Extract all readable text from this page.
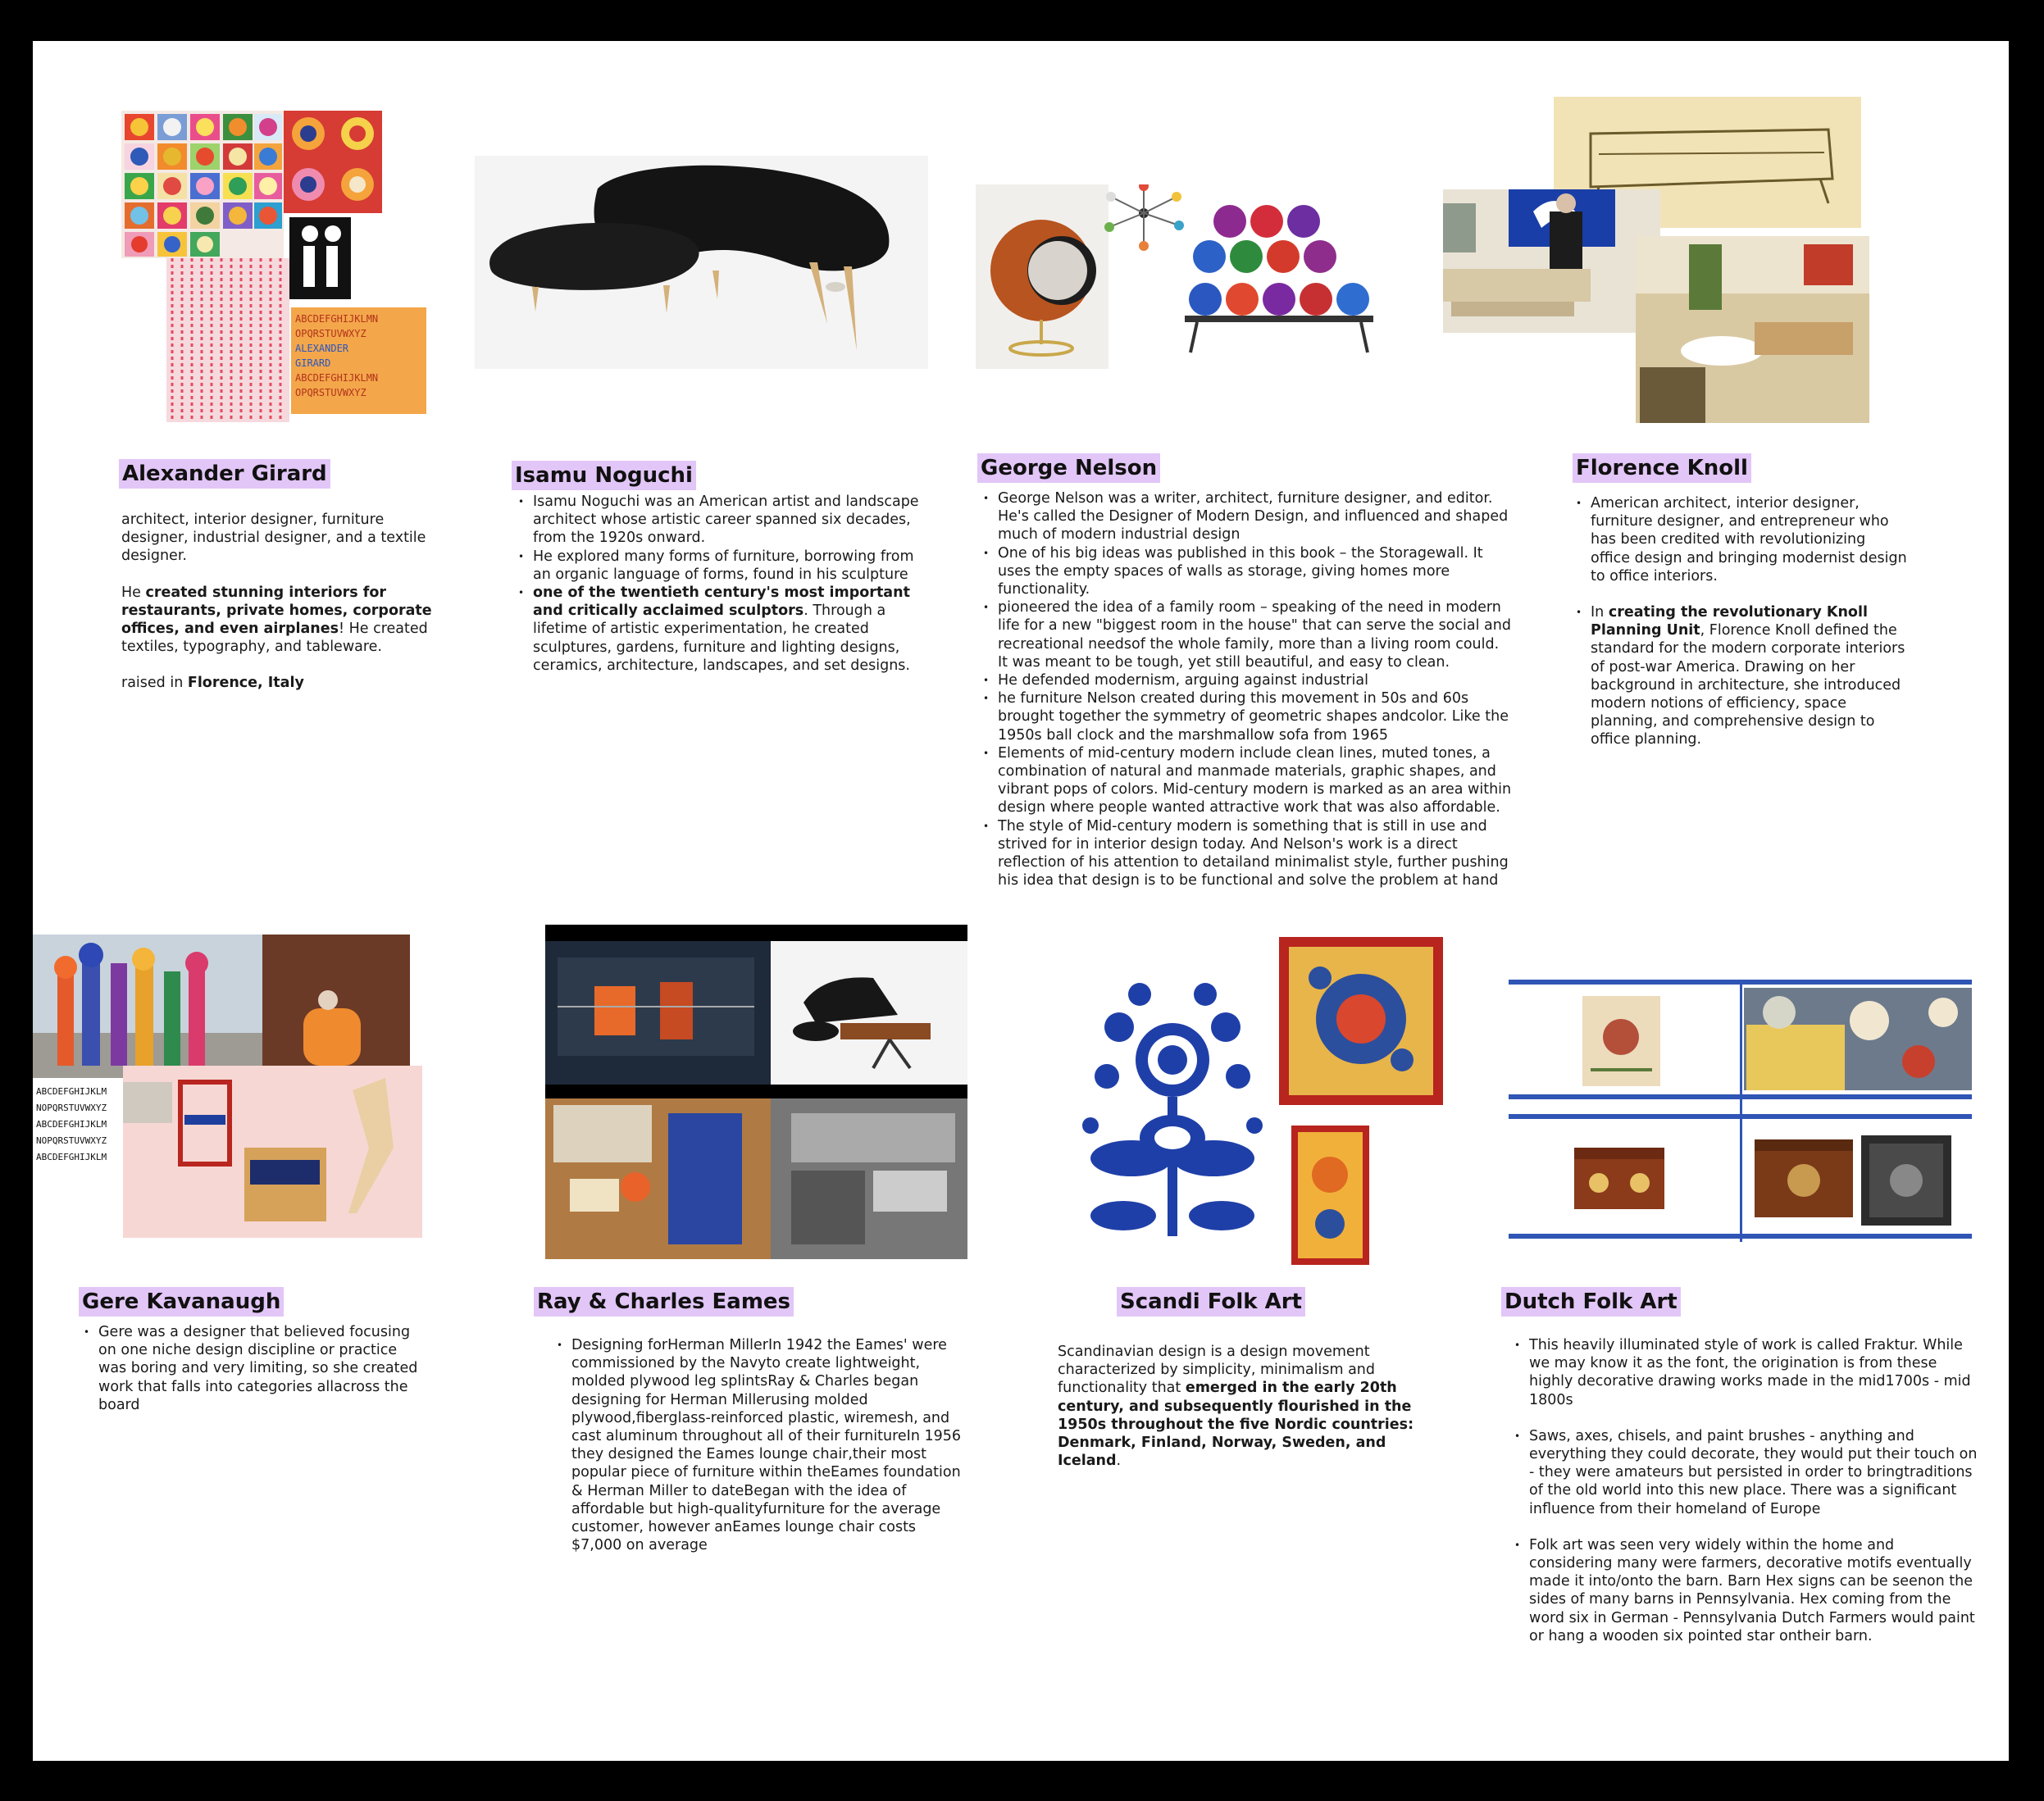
ABCDEFGHIJKLMN
OPQRSTUVWXYZ
ALEXANDER
GIRARD
ABCDEFGHIJKLMN
OPQRSTUVWXYZ
Alexander Girard

architect, interior designer, furniture designer, industrial designer, and a textile designer.

He created stunning interiors for restaurants, private homes, corporate offices, and even airplanes! He created textiles, typography, and tableware.

raised in Florence, Italy

Isamu Noguchi
• Isamu Noguchi was an American artist and landscape architect whose artistic career spanned six decades, from the 1920s onward.
• He explored many forms of furniture, borrowing from an organic language of forms, found in his sculpture
• one of the twentieth century's most important and critically acclaimed sculptors. Through a lifetime of artistic experimentation, he created sculptures, gardens, furniture and lighting designs, ceramics, architecture, landscapes, and set designs.
George Nelson
• George Nelson was a writer, architect, furniture designer, and editor. He's called the Designer of Modern Design, and influenced and shaped much of modern industrial design
• One of his big ideas was published in this book – the Storagewall. It uses the empty spaces of walls as storage, giving homes more functionality.
• pioneered the idea of a family room – speaking of the need in modern life for a new "biggest room in the house" that can serve the social and recreational needsof the whole family, more than a living room could. It was meant to be tough, yet still beautiful, and easy to clean.
• He defended modernism, arguing against industrial
• he furniture Nelson created during this movement in 50s and 60s brought together the symmetry of geometric shapes andcolor. Like the 1950s ball clock and the marshmallow sofa from 1965
• Elements of mid-century modern include clean lines, muted tones, a combination of natural and manmade materials, graphic shapes, and vibrant pops of colors. Mid-century modern is marked as an area within design where people wanted attractive work that was also affordable.
• The style of Mid-century modern is something that is still in use and strived for in interior design today. And Nelson's work is a direct reflection of his attention to detailand minimalist style, further pushing his idea that design is to be functional and solve the problem at hand
Florence Knoll
• American architect, interior designer, furniture designer, and entrepreneur who has been credited with revolutionizing office design and bringing modernist design to office interiors.
• In creating the revolutionary Knoll Planning Unit, Florence Knoll defined the standard for the modern corporate interiors of post-war America. Drawing on her background in architecture, she introduced modern notions of efficiency, space planning, and comprehensive design to office planning.
ABCDEFGHIJKLM
NOPQRSTUVWXYZ
ABCDEFGHIJKLM
NOPQRSTUVWXYZ
ABCDEFGHIJKLM
Gere Kavanaugh
• Gere was a designer that believed focusing on one niche design discipline or practice was boring and very limiting, so she created work that falls into categories allacross the board
Ray & Charles Eames
• Designing forHerman MillerIn 1942 the Eames' were commissioned by the Navyto create lightweight, molded plywood leg splintsRay & Charles began designing for Herman Millerusing molded plywood,fiberglass-reinforced plastic, wiremesh, and cast aluminum throughout all of their furnitureIn 1956 they designed the Eames lounge chair,their most popular piece of furniture within theEames foundation & Herman Miller to dateBegan with the idea of affordable but high-qualityfurniture for the average customer, however anEames lounge chair costs $7,000 on average
Scandi Folk Art

Scandinavian design is a design movement characterized by simplicity, minimalism and functionality that emerged in the early 20th century, and subsequently flourished in the 1950s throughout the five Nordic countries: Denmark, Finland, Norway, Sweden, and Iceland.

Dutch Folk Art
• This heavily illuminated style of work is called Fraktur. While we may know it as the font, the origination is from these highly decorative drawing works made in the mid1700s - mid 1800s
• Saws, axes, chisels, and paint brushes - anything and everything they could decorate, they would put their touch on - they were amateurs but persisted in order to bringtraditions of the old world into this new place. There was a significant influence from their homeland of Europe
• Folk art was seen very widely within the home and considering many were farmers, decorative motifs eventually made it into/onto the barn. Barn Hex signs can be seenon the sides of many barns in Pennsylvania. Hex coming from the word six in German - Pennsylvania Dutch Farmers would paint or hang a wooden six pointed star ontheir barn.
